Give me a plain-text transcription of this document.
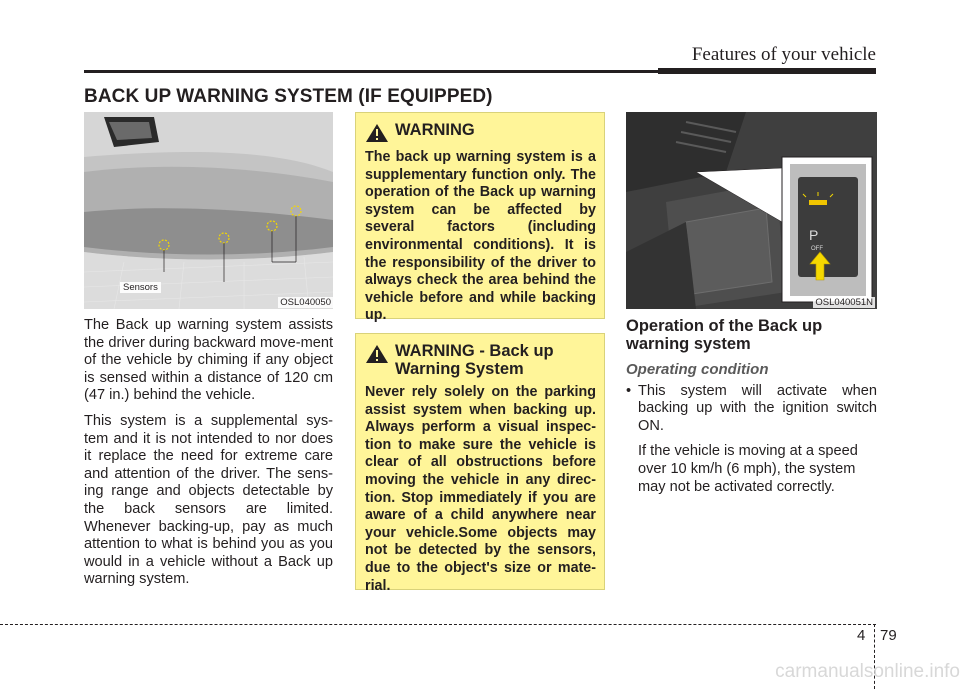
Features of your vehicle
BACK UP WARNING SYSTEM (IF EQUIPPED)
OSL040050
Sensors

The Back up warning system assists the driver during backward move-ment of the vehicle by chiming if any object is sensed within a distance of 120 cm (47 in.) behind the vehicle.

This system is a supplemental sys-tem and it is not intended to nor does it replace the need for extreme care and attention of the driver. The sens-ing range and objects detectable by the back sensors are limited. Whenever backing-up, pay as much attention to what is behind you as you would in a vehicle without a Back up warning system.

WARNING
The back up warning system is a supplementary function only. The operation of the Back up warning system can be affected by several factors (including environmental conditions). It is the responsibility of the driver to always check the area behind the vehicle before and while backing up.
WARNING - Back up
Warning System
Never rely solely on the parking assist system when backing up. Always perform a visual inspec-tion to make sure the vehicle is clear of all obstructions before moving the vehicle in any direc-tion. Stop immediately if you are aware of a child anywhere near your vehicle.Some objects may not be detected by the sensors, due to the object's size or mate-rial.
P
OFF
OSL040051N
Operation of the Back up warning system
Operating condition
• This system will activate when backing up with the ignition switch ON.
If the vehicle is moving at a speed over 10 km/h (6 mph), the system may not be activated correctly.
4 79
carmanualsonline.info
